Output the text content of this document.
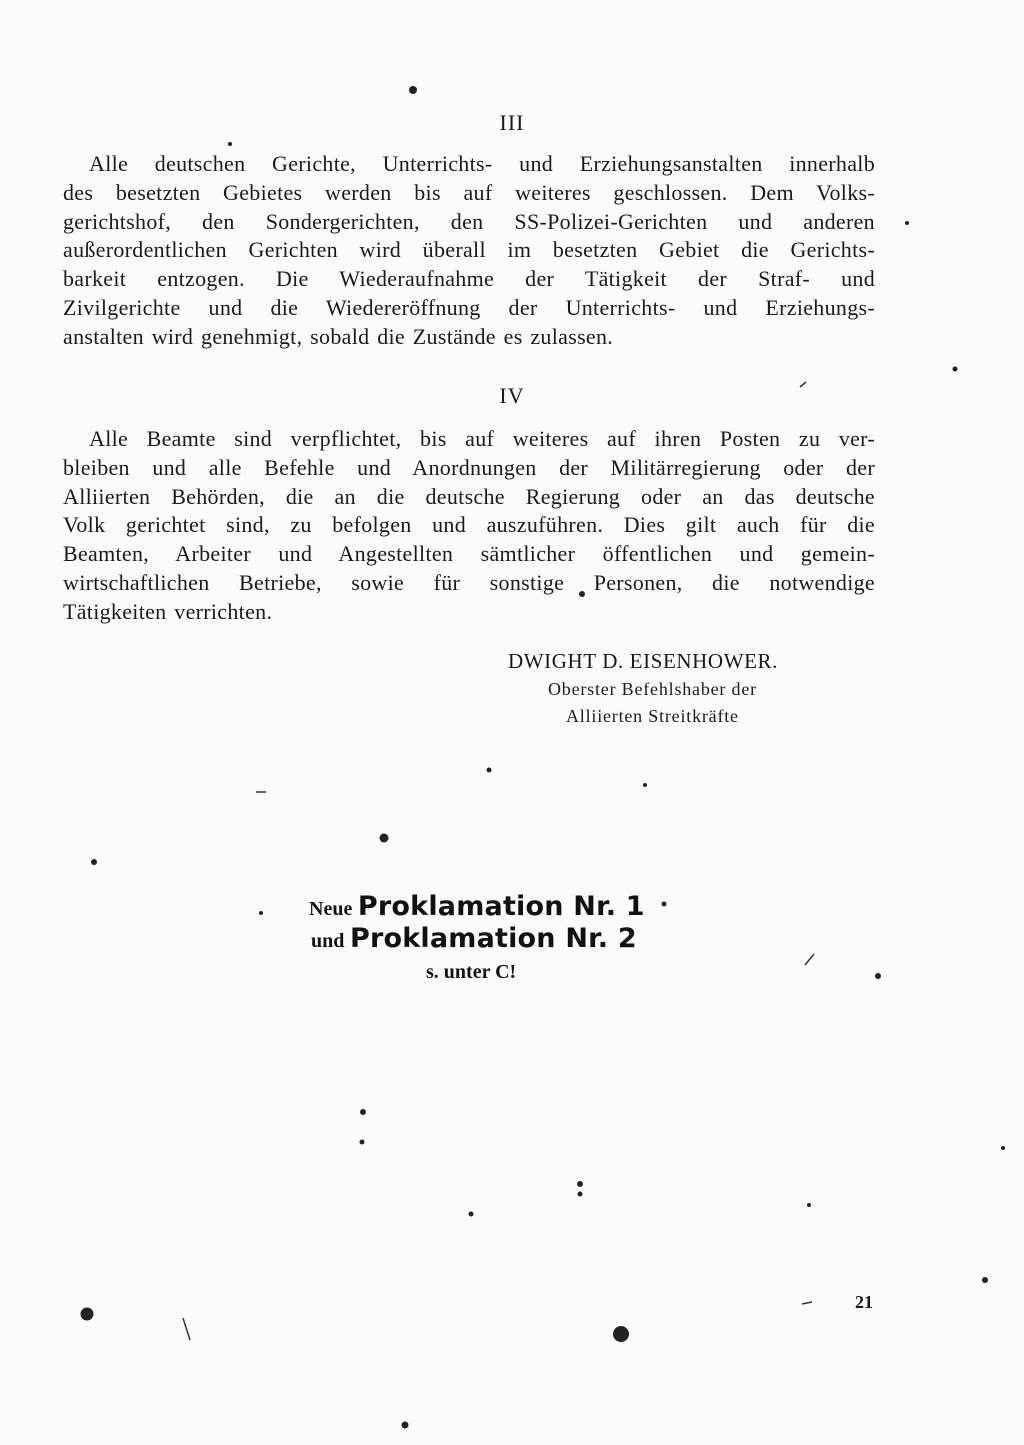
III
Alle deutschen Gerichte, Unterrichts- und Erziehungsanstalten innerhalb
des besetzten Gebietes werden bis auf weiteres geschlossen. Dem Volks-
gerichtshof, den Sondergerichten, den SS-Polizei-Gerichten und anderen
außerordentlichen Gerichten wird überall im besetzten Gebiet die Gerichts-
barkeit entzogen. Die Wiederaufnahme der Tätigkeit der Straf- und
Zivilgerichte und die Wiedereröffnung der Unterrichts- und Erziehungs-
anstalten wird genehmigt, sobald die Zustände es zulassen.
IV
Alle Beamte sind verpflichtet, bis auf weiteres auf ihren Posten zu ver-
bleiben und alle Befehle und Anordnungen der Militärregierung oder der
Alliierten Behörden, die an die deutsche Regierung oder an das deutsche
Volk gerichtet sind, zu befolgen und auszuführen. Dies gilt auch für die
Beamten, Arbeiter und Angestellten sämtlicher öffentlichen und gemein-
wirtschaftlichen Betriebe, sowie für sonstige Personen, die notwendige
Tätigkeiten verrichten.
DWIGHT D. EISENHOWER.
Oberster Befehlshaber der
Alliierten Streitkräfte
Neue Proklamation Nr. 1
und Proklamation Nr. 2
s. unter C!
21
